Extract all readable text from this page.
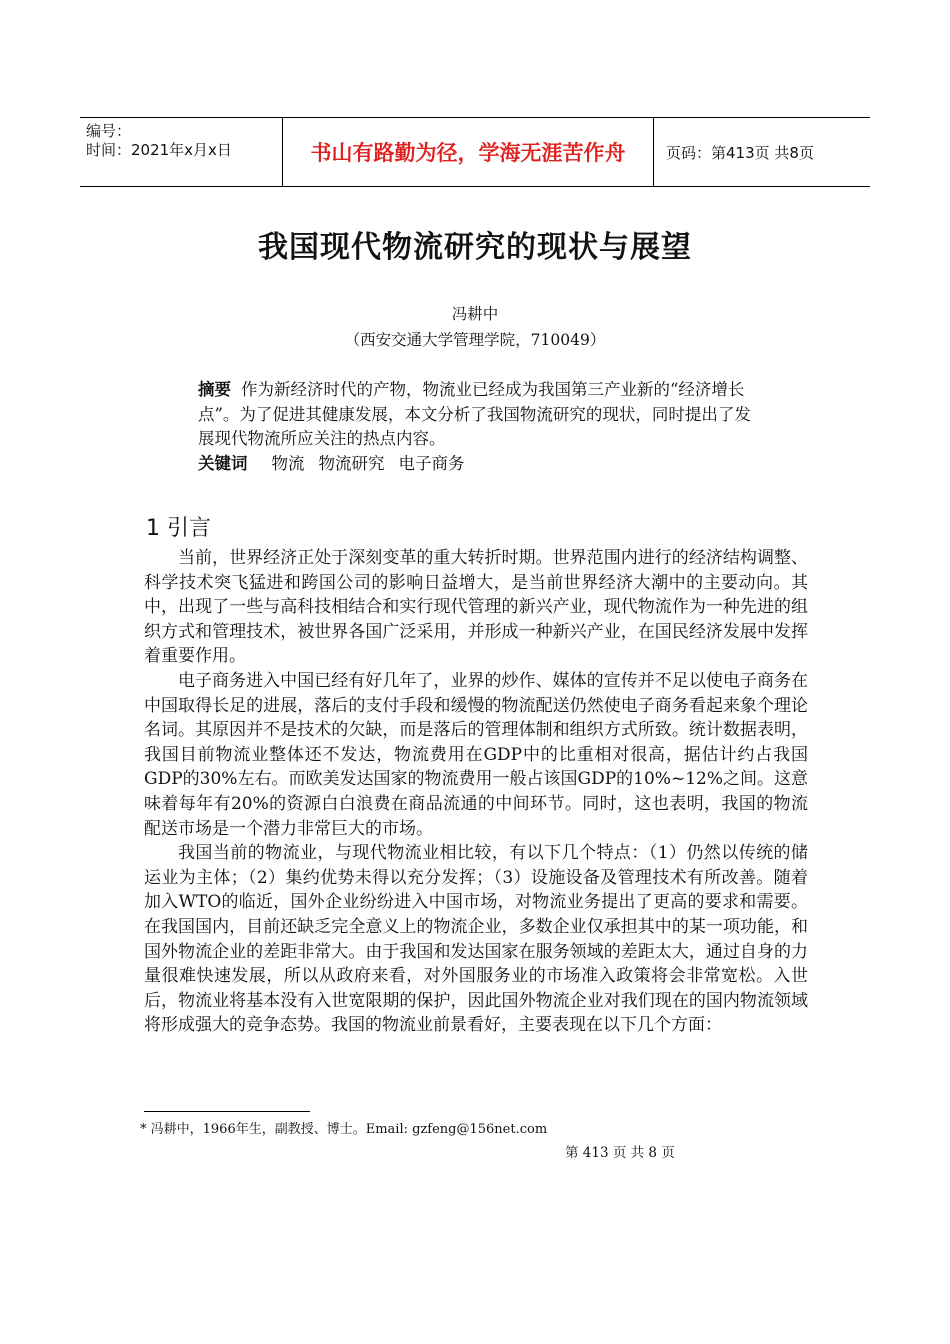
编号：
时间：2021年x月x日	书山有路勤为径，学海无涯苦作舟	页码：第413页 共8页
我国现代物流研究的现状与展望
冯耕中
（西安交通大学管理学院，710049）
摘要 作为新经济时代的产物，物流业已经成为我国第三产业新的“经济增长点”。为了促进其健康发展，本文分析了我国物流研究的现状，同时提出了发展现代物流所应关注的热点内容。
关键词 物流 物流研究 电子商务
1 引言

当前，世界经济正处于深刻变革的重大转折时期。世界范围内进行的经济结构调整、科学技术突飞猛进和跨国公司的影响日益增大，是当前世界经济大潮中的主要动向。其中，出现了一些与高科技相结合和实行现代管理的新兴产业，现代物流作为一种先进的组织方式和管理技术，被世界各国广泛采用，并形成一种新兴产业，在国民经济发展中发挥着重要作用。

电子商务进入中国已经有好几年了，业界的炒作、媒体的宣传并不足以使电子商务在中国取得长足的进展，落后的支付手段和缓慢的物流配送仍然使电子商务看起来象个理论名词。其原因并不是技术的欠缺，而是落后的管理体制和组织方式所致。统计数据表明，我国目前物流业整体还不发达，物流费用在GDP中的比重相对很高，据估计约占我国GDP的30%左右。而欧美发达国家的物流费用一般占该国GDP的10%~12%之间。这意味着每年有20%的资源白白浪费在商品流通的中间环节。同时，这也表明，我国的物流配送市场是一个潜力非常巨大的市场。

我国当前的物流业，与现代物流业相比较，有以下几个特点：（1）仍然以传统的储运业为主体；（2）集约优势未得以充分发挥；（3）设施设备及管理技术有所改善。随着加入WTO的临近，国外企业纷纷进入中国市场，对物流业务提出了更高的要求和需要。在我国国内，目前还缺乏完全意义上的物流企业，多数企业仅承担其中的某一项功能，和国外物流企业的差距非常大。由于我国和发达国家在服务领域的差距太大，通过自身的力量很难快速发展，所以从政府来看，对外国服务业的市场准入政策将会非常宽松。入世后，物流业将基本没有入世宽限期的保护，因此国外物流企业对我们现在的国内物流领域将形成强大的竞争态势。我国的物流业前景看好，主要表现在以下几个方面：

* 冯耕中，1966年生，副教授、博士。Email: gzfeng@156net.com
第 413 页 共 8 页
